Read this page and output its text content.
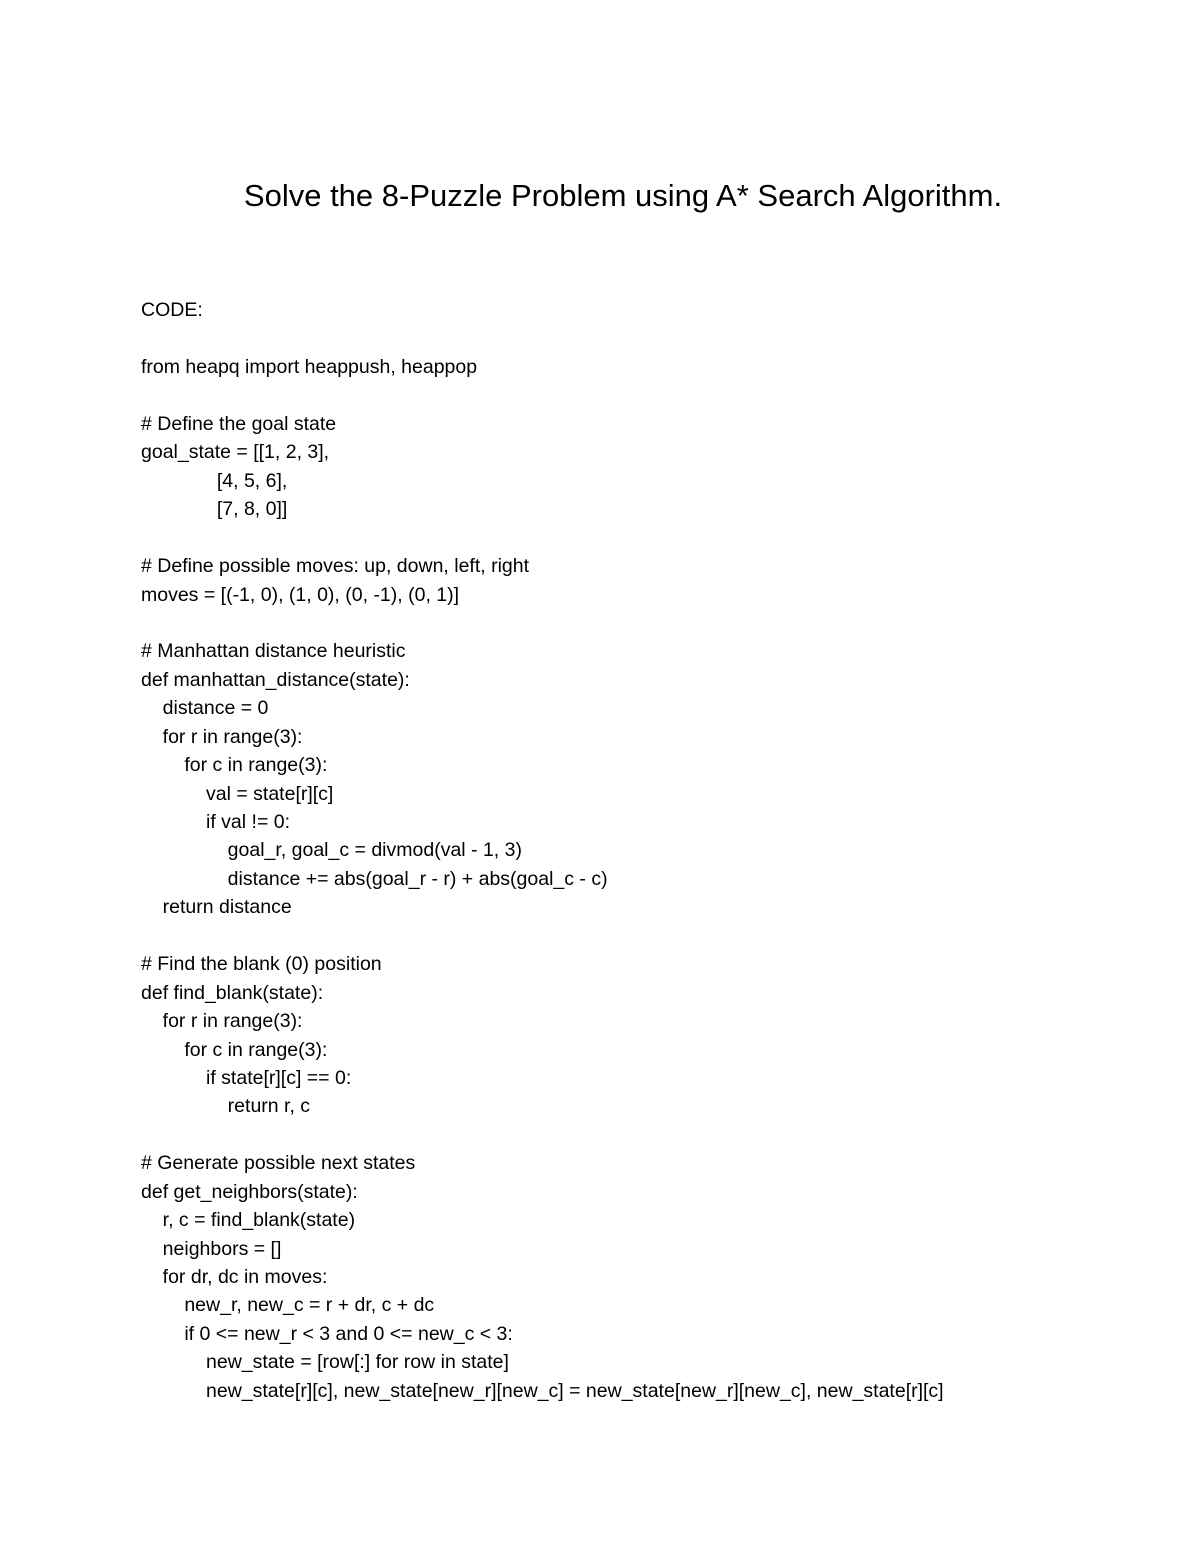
Solve the 8-Puzzle Problem using A* Search Algorithm.

CODE:

from heapq import heappush, heappop
# Define the goal state
goal_state = [[1, 2, 3],
[4, 5, 6],
[7, 8, 0]]
# Define possible moves: up, down, left, right
moves = [(-1, 0), (1, 0), (0, -1), (0, 1)]
# Manhattan distance heuristic
def manhattan_distance(state):
distance = 0
for r in range(3):
for c in range(3):
val = state[r][c]
if val != 0:
goal_r, goal_c = divmod(val - 1, 3)
distance += abs(goal_r - r) + abs(goal_c - c)
return distance
# Find the blank (0) position
def find_blank(state):
for r in range(3):
for c in range(3):
if state[r][c] == 0:
return r, c
# Generate possible next states
def get_neighbors(state):
r, c = find_blank(state)
neighbors = []
for dr, dc in moves:
new_r, new_c = r + dr, c + dc
if 0 <= new_r < 3 and 0 <= new_c < 3:
new_state = [row[:] for row in state]
new_state[r][c], new_state[new_r][new_c] = new_state[new_r][new_c], new_state[r][c]
